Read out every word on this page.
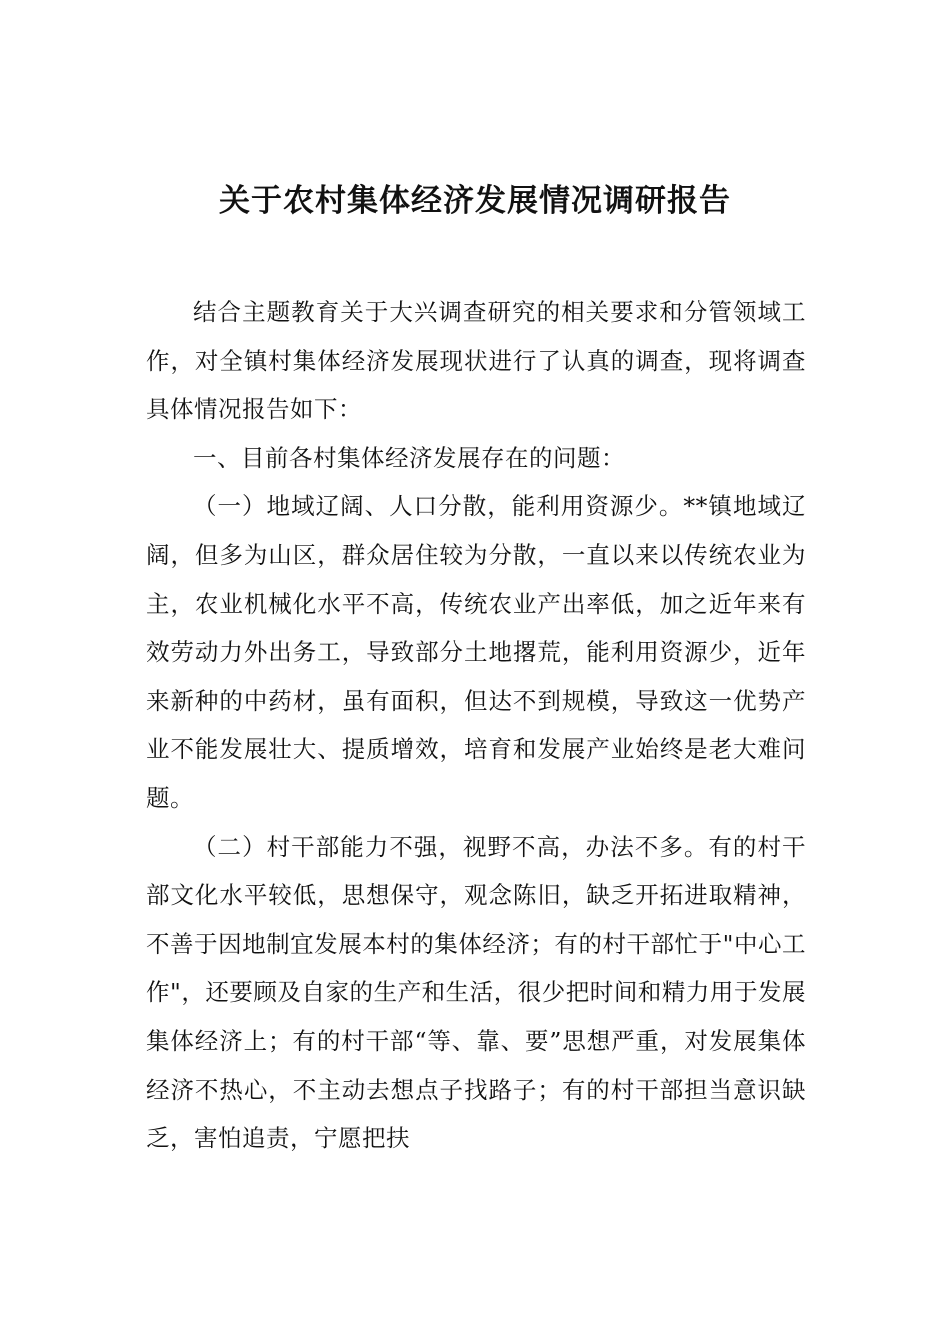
关于农村集体经济发展情况调研报告

结合主题教育关于大兴调查研究的相关要求和分管领域工作，对全镇村集体经济发展现状进行了认真的调查，现将调查具体情况报告如下：

一、目前各村集体经济发展存在的问题：

（一）地域辽阔、人口分散，能利用资源少。**镇地域辽阔，但多为山区，群众居住较为分散，一直以来以传统农业为主，农业机械化水平不高，传统农业产出率低，加之近年来有效劳动力外出务工，导致部分土地撂荒，能利用资源少，近年来新种的中药材，虽有面积，但达不到规模，导致这一优势产业不能发展壮大、提质增效，培育和发展产业始终是老大难问题。

（二）村干部能力不强，视野不高，办法不多。有的村干部文化水平较低，思想保守，观念陈旧，缺乏开拓进取精神，不善于因地制宜发展本村的集体经济；有的村干部忙于"中心工作"，还要顾及自家的生产和生活，很少把时间和精力用于发展集体经济上；有的村干部“等、靠、要”思想严重，对发展集体经济不热心，不主动去想点子找路子；有的村干部担当意识缺乏，害怕追责，宁愿把扶
